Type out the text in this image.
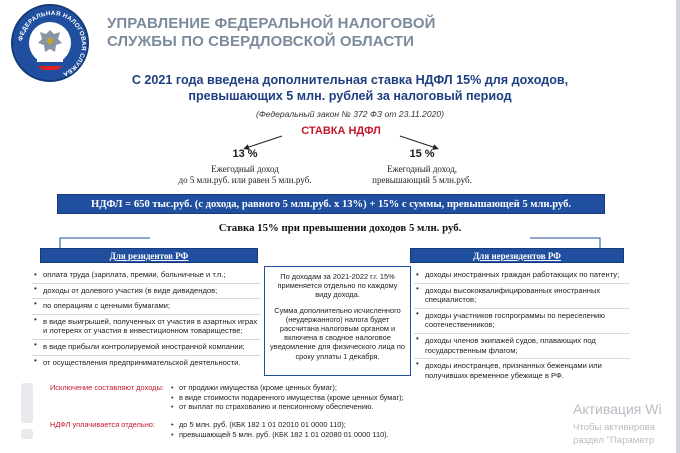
ФЕДЕРАЛЬНАЯ НАЛОГОВАЯ СЛУЖБА
УПРАВЛЕНИЕ ФЕДЕРАЛЬНОЙ НАЛОГОВОЙ СЛУЖБЫ ПО СВЕРДЛОВСКОЙ ОБЛАСТИ
С 2021 года введена дополнительная ставка НДФЛ 15% для доходов,
превышающих 5 млн. рублей за налоговый период
(Федеральный закон № 372 ФЗ от 23.11.2020)
СТАВКА НДФЛ
13 %
Ежегодный доход
до 5 млн.руб. или равен 5 млн.руб.
15 %
Ежегодный доход,
превышающий 5 млн.руб.
НДФЛ = 650 тыс.руб. (с дохода, равного 5 млн.руб. х 13%) + 15% с суммы, превышающей 5 млн.руб.
Ставка 15% при превышении доходов 5 млн. руб.
Для резидентов РФ
• оплата труда (зарплата, премии, больничные и т.п.;
• доходы от долевого участия (в виде дивидендов;
• по операциям с ценными бумагами;
• в виде выигрышей, полученных от участия в азартных играх и лотереях от участия в инвестиционном товариществе;
• в виде прибыли контролируемой иностранной компании;
• от осуществления предпринимательской деятельности.

По доходам за 2021-2022 г.г. 15% применяется отдельно по каждому виду дохода.

Сумма дополнительно исчисленного (неудержанного) налога будет рассчитана налоговым органом и включена в сводное налоговое уведомление для физического лица по сроку уплаты 1 декабря.

Для нерезидентов РФ
• доходы иностранных граждан работающих по патенту;
• доходы высококвалифицированных иностранных специалистов;
• доходы участников госпрограммы по переселению соотечественников;
• доходы членов экипажей судов, плавающих под государственным флагом;
• доходы иностранцев, признанных беженцами или получивших временное убежище в РФ.
Исключение составляют доходы:	• от продажи имущества (кроме ценных бумаг);
• в виде стоимости подаренного имущества (кроме ценных бумаг);
• от выплат по страхованию и пенсионному обеспечению.
НДФЛ уплачивается отдельно:	• до 5 млн. руб. (КБК 182 1 01 02010 01 0000 110);
• превышающей 5 млн. руб. (КБК 182 1 01 02080 01 0000 110).
Активация Wi
Чтобы активирова
раздел "Параметр
